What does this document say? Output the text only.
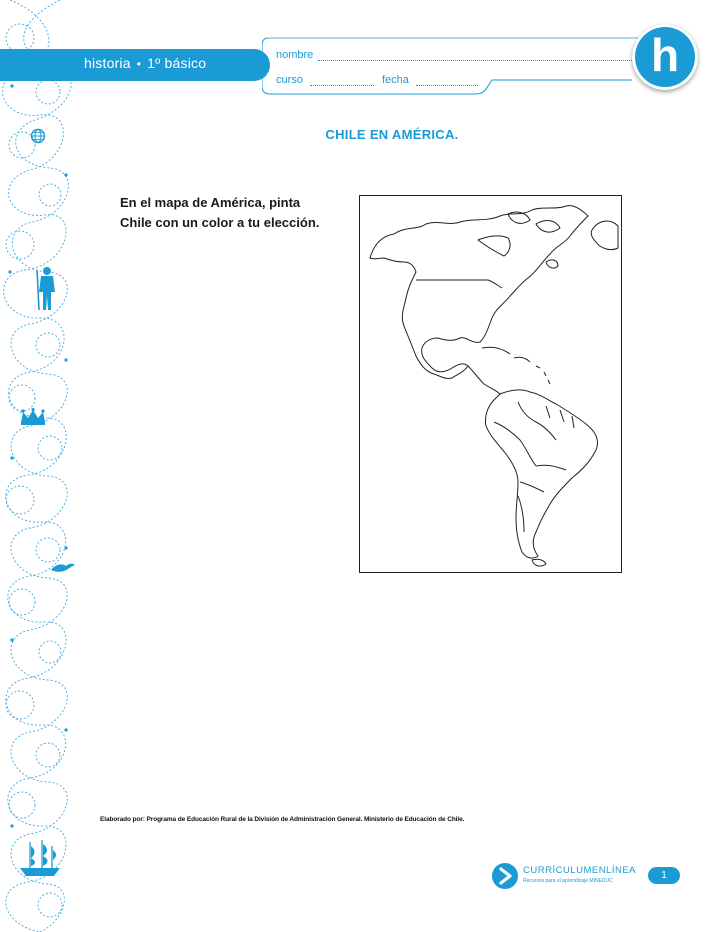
historia • 1º básico	nombre
curso	fecha	h
CHILE EN AMÉRICA.
En el mapa de América, pinta
Chile con un color a tu elección.
Elaborado por: Programa de Educación Rural de la División de Administración General. Ministerio de Educación de Chile.
CURRÍCULUMENLÍNEA
Recursos para el aprendizaje MINEDUC	1
